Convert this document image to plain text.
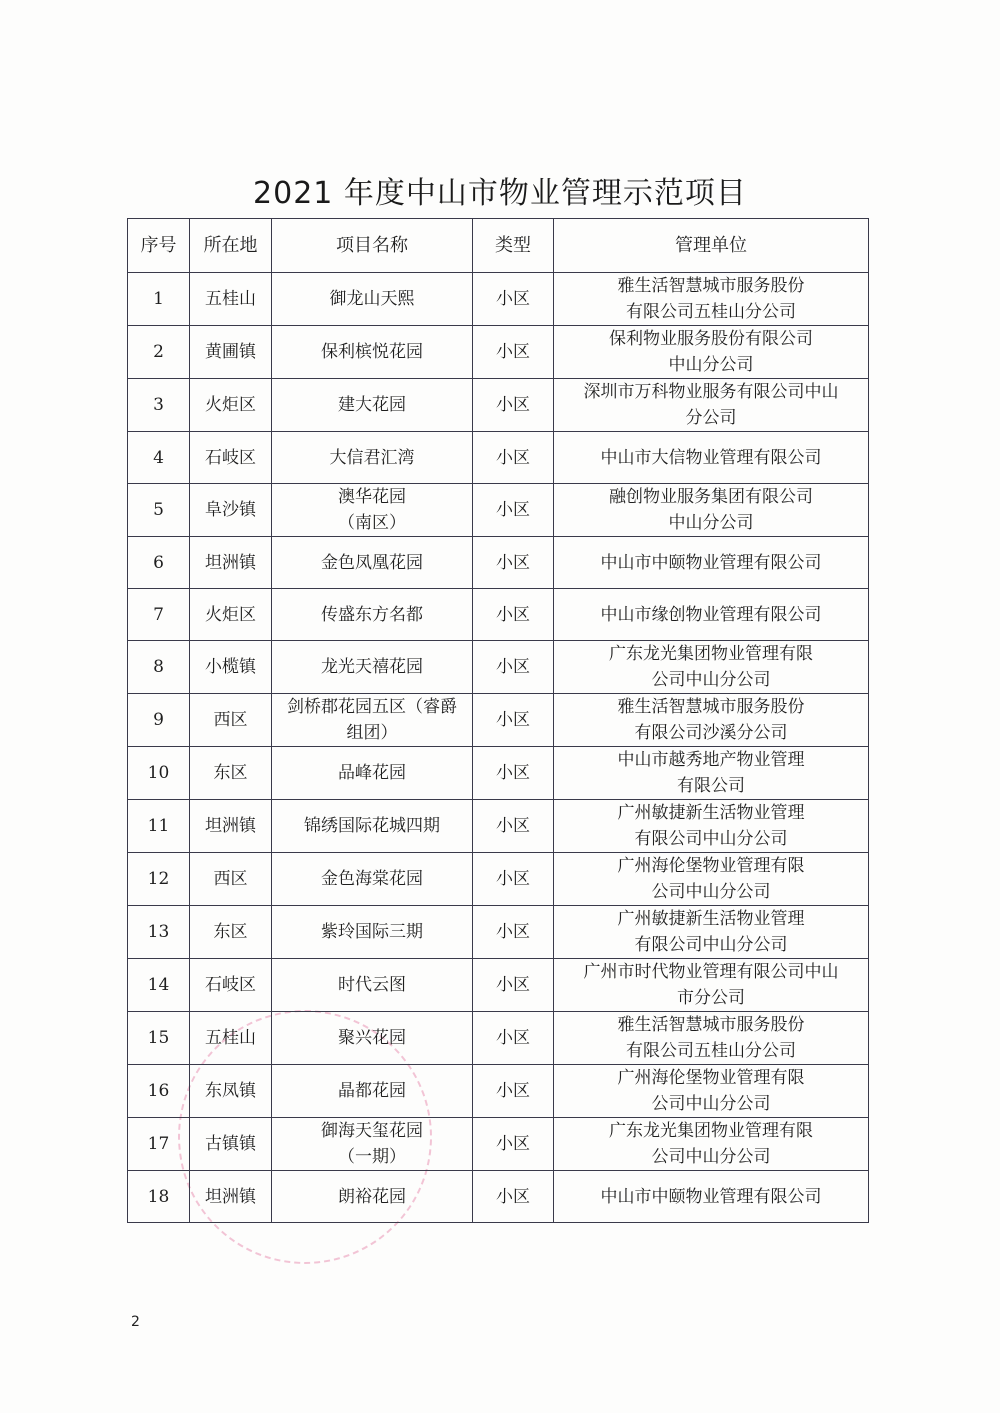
2021 年度中山市物业管理示范项目
序号	所在地	项目名称	类型	管理单位
1	五桂山	御龙山天熙	小区	雅生活智慧城市服务股份
有限公司五桂山分公司

2	黄圃镇	保利槟悦花园	小区	保利物业服务股份有限公司
中山分公司

3	火炬区	建大花园	小区	深圳市万科物业服务有限公司中山
分公司

4	石岐区	大信君汇湾	小区	中山市大信物业管理有限公司

5	阜沙镇	澳华花园
（南区）	小区	融创物业服务集团有限公司
中山分公司

6	坦洲镇	金色凤凰花园	小区	中山市中颐物业管理有限公司

7	火炬区	传盛东方名都	小区	中山市缘创物业管理有限公司

8	小榄镇	龙光天禧花园	小区	广东龙光集团物业管理有限
公司中山分公司

9	西区	剑桥郡花园五区（睿爵
组团）	小区	雅生活智慧城市服务股份
有限公司沙溪分公司

10	东区	品峰花园	小区	中山市越秀地产物业管理
有限公司

11	坦洲镇	锦绣国际花城四期	小区	广州敏捷新生活物业管理
有限公司中山分公司

12	西区	金色海棠花园	小区	广州海伦堡物业管理有限
公司中山分公司

13	东区	紫玲国际三期	小区	广州敏捷新生活物业管理
有限公司中山分公司

14	石岐区	时代云图	小区	广州市时代物业管理有限公司中山
市分公司

15	五桂山	聚兴花园	小区	雅生活智慧城市服务股份
有限公司五桂山分公司

16	东凤镇	晶都花园	小区	广州海伦堡物业管理有限
公司中山分公司

17	古镇镇	御海天玺花园
（一期）	小区	广东龙光集团物业管理有限
公司中山分公司

18	坦洲镇	朗裕花园	小区	中山市中颐物业管理有限公司
2
